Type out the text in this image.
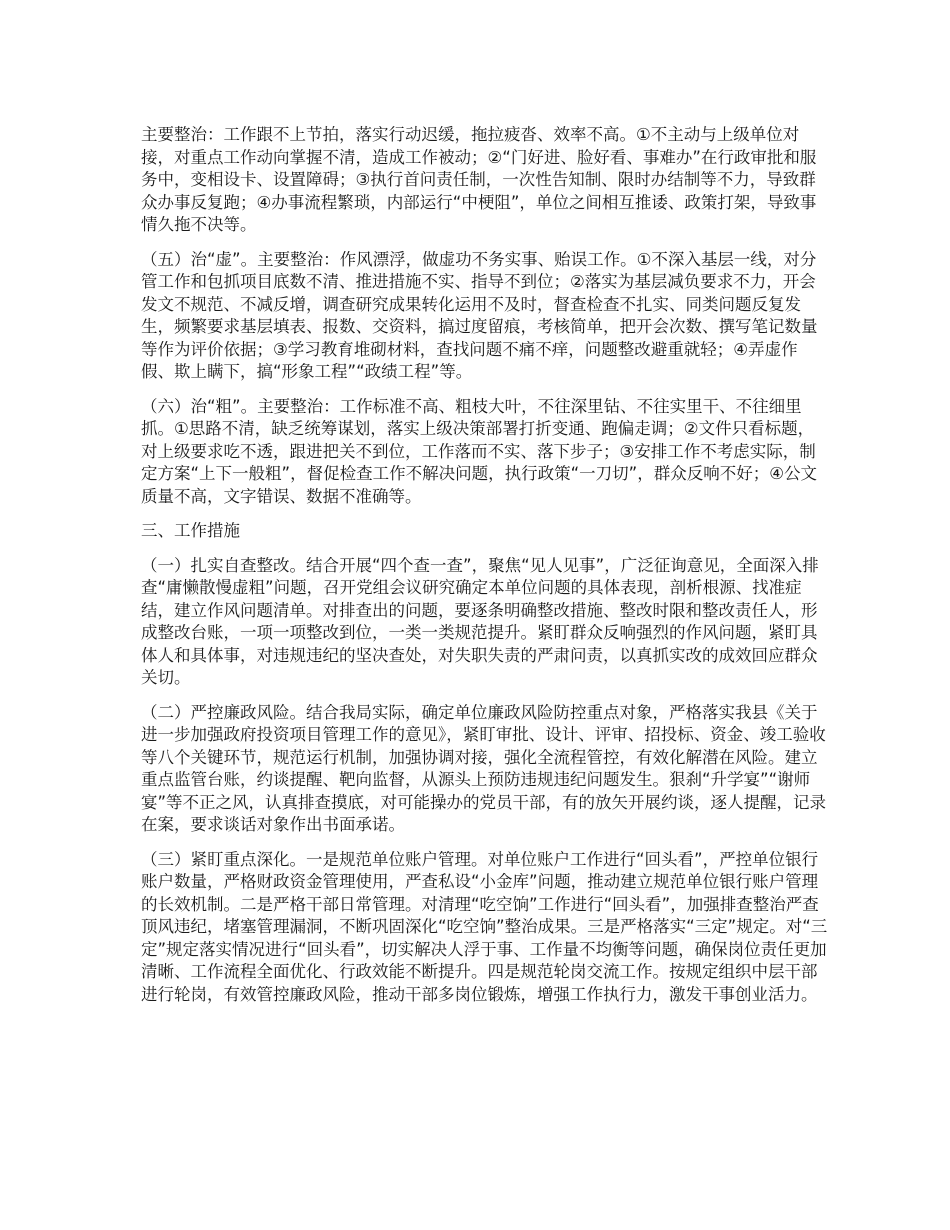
主要整治：工作跟不上节拍，落实行动迟缓，拖拉疲沓、效率不高。①不主动与上级单位对接，对重点工作动向掌握不清，造成工作被动；②“门好进、脸好看、事难办”在行政审批和服务中，变相设卡、设置障碍；③执行首问责任制，一次性告知制、限时办结制等不力，导致群众办事反复跑；④办事流程繁琐，内部运行“中梗阻”，单位之间相互推诿、政策打架，导致事情久拖不决等。

（五）治“虚”。主要整治：作风漂浮，做虚功不务实事、贻误工作。①不深入基层一线，对分管工作和包抓项目底数不清、推进措施不实、指导不到位；②落实为基层减负要求不力，开会发文不规范、不减反增，调查研究成果转化运用不及时，督查检查不扎实、同类问题反复发生，频繁要求基层填表、报数、交资料，搞过度留痕，考核简单，把开会次数、撰写笔记数量等作为评价依据；③学习教育堆砌材料，查找问题不痛不痒，问题整改避重就轻；④弄虚作假、欺上瞒下，搞“形象工程”“政绩工程”等。

（六）治“粗”。主要整治：工作标准不高、粗枝大叶，不往深里钻、不往实里干、不往细里抓。①思路不清，缺乏统筹谋划，落实上级决策部署打折变通、跑偏走调；②文件只看标题，对上级要求吃不透，跟进把关不到位，工作落而不实、落下步子；③安排工作不考虑实际，制定方案“上下一般粗”，督促检查工作不解决问题，执行政策“一刀切”，群众反响不好；④公文质量不高，文字错误、数据不准确等。

三、工作措施

（一）扎实自查整改。结合开展“四个查一查”，聚焦“见人见事”，广泛征询意见，全面深入排查“庸懒散慢虚粗”问题，召开党组会议研究确定本单位问题的具体表现，剖析根源、找准症结，建立作风问题清单。对排查出的问题，要逐条明确整改措施、整改时限和整改责任人，形成整改台账，一项一项整改到位，一类一类规范提升。紧盯群众反响强烈的作风问题，紧盯具体人和具体事，对违规违纪的坚决查处，对失职失责的严肃问责，以真抓实改的成效回应群众关切。

（二）严控廉政风险。结合我局实际，确定单位廉政风险防控重点对象，严格落实我县《关于进一步加强政府投资项目管理工作的意见》，紧盯审批、设计、评审、招投标、资金、竣工验收等八个关键环节，规范运行机制，加强协调对接，强化全流程管控，有效化解潜在风险。建立重点监管台账，约谈提醒、靶向监督，从源头上预防违规违纪问题发生。狠刹“升学宴”“谢师宴”等不正之风，认真排查摸底，对可能操办的党员干部，有的放矢开展约谈，逐人提醒，记录在案，要求谈话对象作出书面承诺。

（三）紧盯重点深化。一是规范单位账户管理。对单位账户工作进行“回头看”，严控单位银行账户数量，严格财政资金管理使用，严查私设“小金库”问题，推动建立规范单位银行账户管理的长效机制。二是严格干部日常管理。对清理“吃空饷”工作进行“回头看”，加强排查整治严查顶风违纪，堵塞管理漏洞，不断巩固深化“吃空饷”整治成果。三是严格落实“三定”规定。对“三定”规定落实情况进行“回头看”，切实解决人浮于事、工作量不均衡等问题，确保岗位责任更加清晰、工作流程全面优化、行政效能不断提升。四是规范轮岗交流工作。按规定组织中层干部进行轮岗，有效管控廉政风险，推动干部多岗位锻炼，增强工作执行力，激发干事创业活力。
